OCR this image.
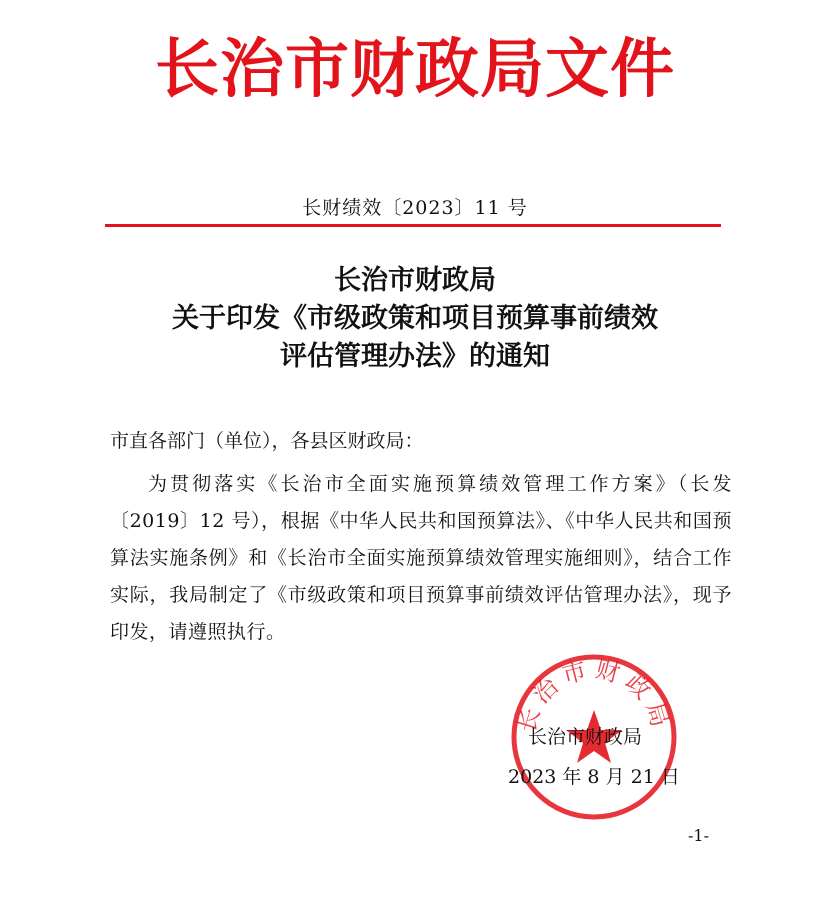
长治市财政局文件
长财绩效〔2023〕11 号
长治市财政局
关于印发《市级政策和项目预算事前绩效
评估管理办法》的通知
市直各部门（单位），各县区财政局：
为贯彻落实《长治市全面实施预算绩效管理工作方案》（长发〔2019〕12 号），根据《中华人民共和国预算法》、《中华人民共和国预算法实施条例》和《长治市全面实施预算绩效管理实施细则》，结合工作实际，我局制定了《市级政策和项目预算事前绩效评估管理办法》，现予印发，请遵照执行。
长治市财政局
长治市财政局
2023 年 8 月 21 日
-1-
